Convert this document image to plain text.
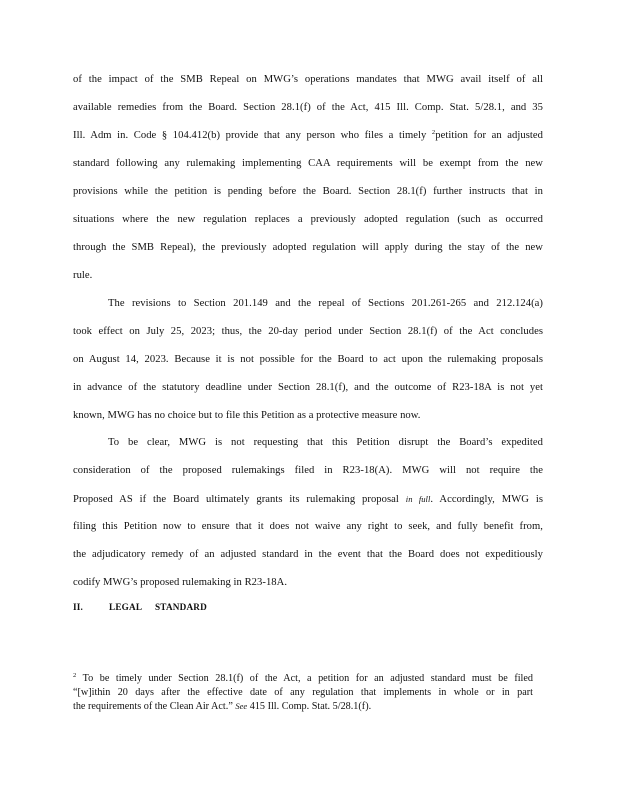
of the impact of the SMB Repeal on MWG’s operations mandates that MWG avail itself of all
available remedies from the Board. Section 28.1(f) of the Act, 415 Ill. Comp. Stat. 5/28.1, and 35
Ill. Adm in. Code § 104.412(b) provide that any person who files a timely $^2$petition for an adjusted
standard following any rulemaking implementing CAA requirements will be exempt from the new
provisions while the petition is pending before the Board. Section 28.1(f) further instructs that in
situations where the new regulation replaces a previously adopted regulation (such as occurred
through the SMB Repeal), the previously adopted regulation will apply during the stay of the new
rule.
The revisions to Section 201.149 and the repeal of Sections 201.261-265 and 212.124(a)
took effect on July 25, 2023; thus, the 20-day period under Section 28.1(f) of the Act concludes
on August 14, 2023. Because it is not possible for the Board to act upon the rulemaking proposals
in advance of the statutory deadline under Section 28.1(f), and the outcome of R23-18A is not yet
known, MWG has no choice but to file this Petition as a protective measure now.
To be clear, MWG is not requesting that this Petition disrupt the Board’s expedited
consideration of the proposed rulemakings filed in R23-18(A). MWG will not require the
Proposed AS if the Board ultimately grants its rulemaking proposal in full. Accordingly, MWG is
filing this Petition now to ensure that it does not waive any right to seek, and fully benefit from,
the adjudicatory remedy of an adjusted standard in the event that the Board does not expeditiously
codify MWG’s proposed rulemaking in R23-18A.
II.	LEGAL STANDARD
$^2$ To be timely under Section 28.1(f) of the Act, a petition for an adjusted standard must be filed
“[w]ithin 20 days after the effective date of any regulation that implements in whole or in part
the requirements of the Clean Air Act.” See 415 Ill. Comp. Stat. 5/28.1(f).
